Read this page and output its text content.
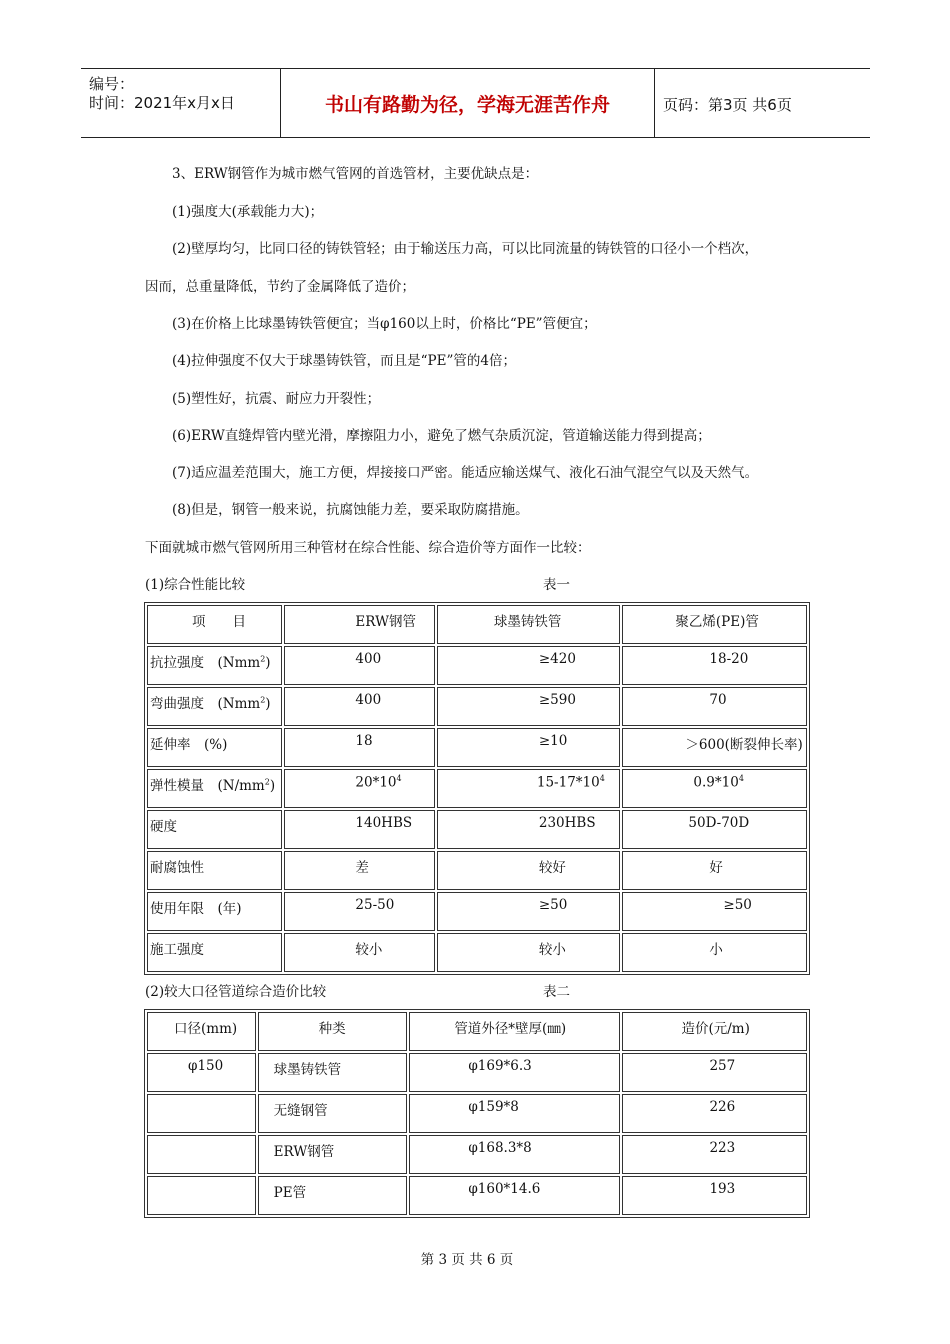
编号：
时间：2021年x月x日	书山有路勤为径，学海无涯苦作舟	页码：第3页 共6页
3、ERW钢管作为城市燃气管网的首选管材，主要优缺点是：
(1)强度大(承载能力大)；
(2)壁厚均匀，比同口径的铸铁管轻；由于输送压力高，可以比同流量的铸铁管的口径小一个档次，
因而，总重量降低，节约了金属降低了造价；
(3)在价格上比球墨铸铁管便宜；当φ160以上时，价格比“PE”管便宜；
(4)拉伸强度不仅大于球墨铸铁管，而且是“PE”管的4倍；
(5)塑性好，抗震、耐应力开裂性；
(6)ERW直缝焊管内壁光滑，摩擦阻力小，避免了燃气杂质沉淀，管道输送能力得到提高；
(7)适应温差范围大，施工方便，焊接接口严密。能适应输送煤气、液化石油气混空气以及天然气。
(8)但是，钢管一般来说，抗腐蚀能力差，要采取防腐措施。
下面就城市燃气管网所用三种管材在综合性能、综合造价等方面作一比较：
(1)综合性能比较	表一
项　　目	ERW钢管	球墨铸铁管	聚乙烯(PE)管
抗拉强度　(Nmm$^2$)	400	≥420	18-20
弯曲强度　(Nmm$^2$)	400	≥590	70
延伸率　(%)	18	≥10	＞600(断裂伸长率)
弹性模量　$(N/mm^2)$	$20*10^4$	$15-17*10^4$	$0.9*10^4$
硬度	140HBS	230HBS	50D-70D
耐腐蚀性	差	较好	好
使用年限　(年)	25-50	≥50	≥50
施工强度	较小	较小	小
(2)较大口径管道综合造价比较	表二
口径(mm)	种类	管道外径*壁厚(㎜)	造价(元/m)
φ150	球墨铸铁管	φ169*6.3	257
	无缝钢管	φ159*8	226
	ERW钢管	φ168.3*8	223
	PE管	φ160*14.6	193
第 3 页 共 6 页
